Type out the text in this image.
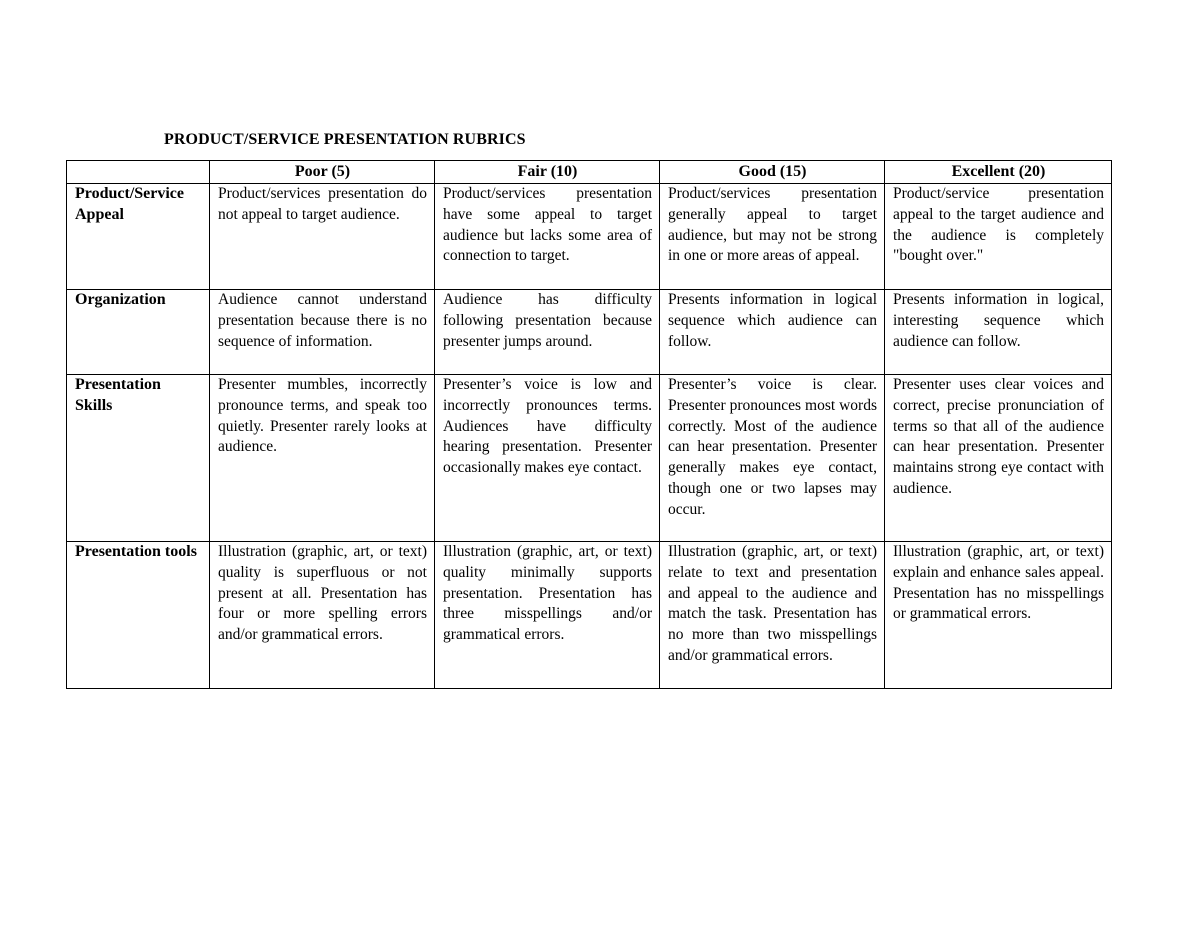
PRODUCT/SERVICE PRESENTATION RUBRICS
	Poor (5)	Fair (10)	Good (15)	Excellent (20)
Product/Service Appeal	Product/services presentation do not appeal to target audience.	Product/services presentation have some appeal to target audience but lacks some area of connection to target.	Product/services presentation generally appeal to target audience, but may not be strong in one or more areas of appeal.	Product/service presentation appeal to the target audience and the audience is completely "bought over."
Organization	Audience cannot understand presentation because there is no sequence of information.	Audience has difficulty following presentation because presenter jumps around.	Presents information in logical sequence which audience can follow.	Presents information in logical, interesting sequence which audience can follow.
Presentation Skills	Presenter mumbles, incorrectly pronounce terms, and speak too quietly. Presenter rarely looks at audience.	Presenter’s voice is low and incorrectly pronounces terms. Audiences have difficulty hearing presentation. Presenter occasionally makes eye contact.	Presenter’s voice is clear. Presenter pronounces most words correctly. Most of the audience can hear presentation. Presenter generally makes eye contact, though one or two lapses may occur.	Presenter uses clear voices and correct, precise pronunciation of terms so that all of the audience can hear presentation. Presenter maintains strong eye contact with audience.
Presentation tools	Illustration (graphic, art, or text) quality is superfluous or not present at all. Presentation has four or more spelling errors and/or grammatical errors.	Illustration (graphic, art, or text) quality minimally supports presentation. Presentation has three misspellings and/or grammatical errors.	Illustration (graphic, art, or text) relate to text and presentation and appeal to the audience and match the task. Presentation has no more than two misspellings and/or grammatical errors.	Illustration (graphic, art, or text) explain and enhance sales appeal. Presentation has no misspellings or grammatical errors.
